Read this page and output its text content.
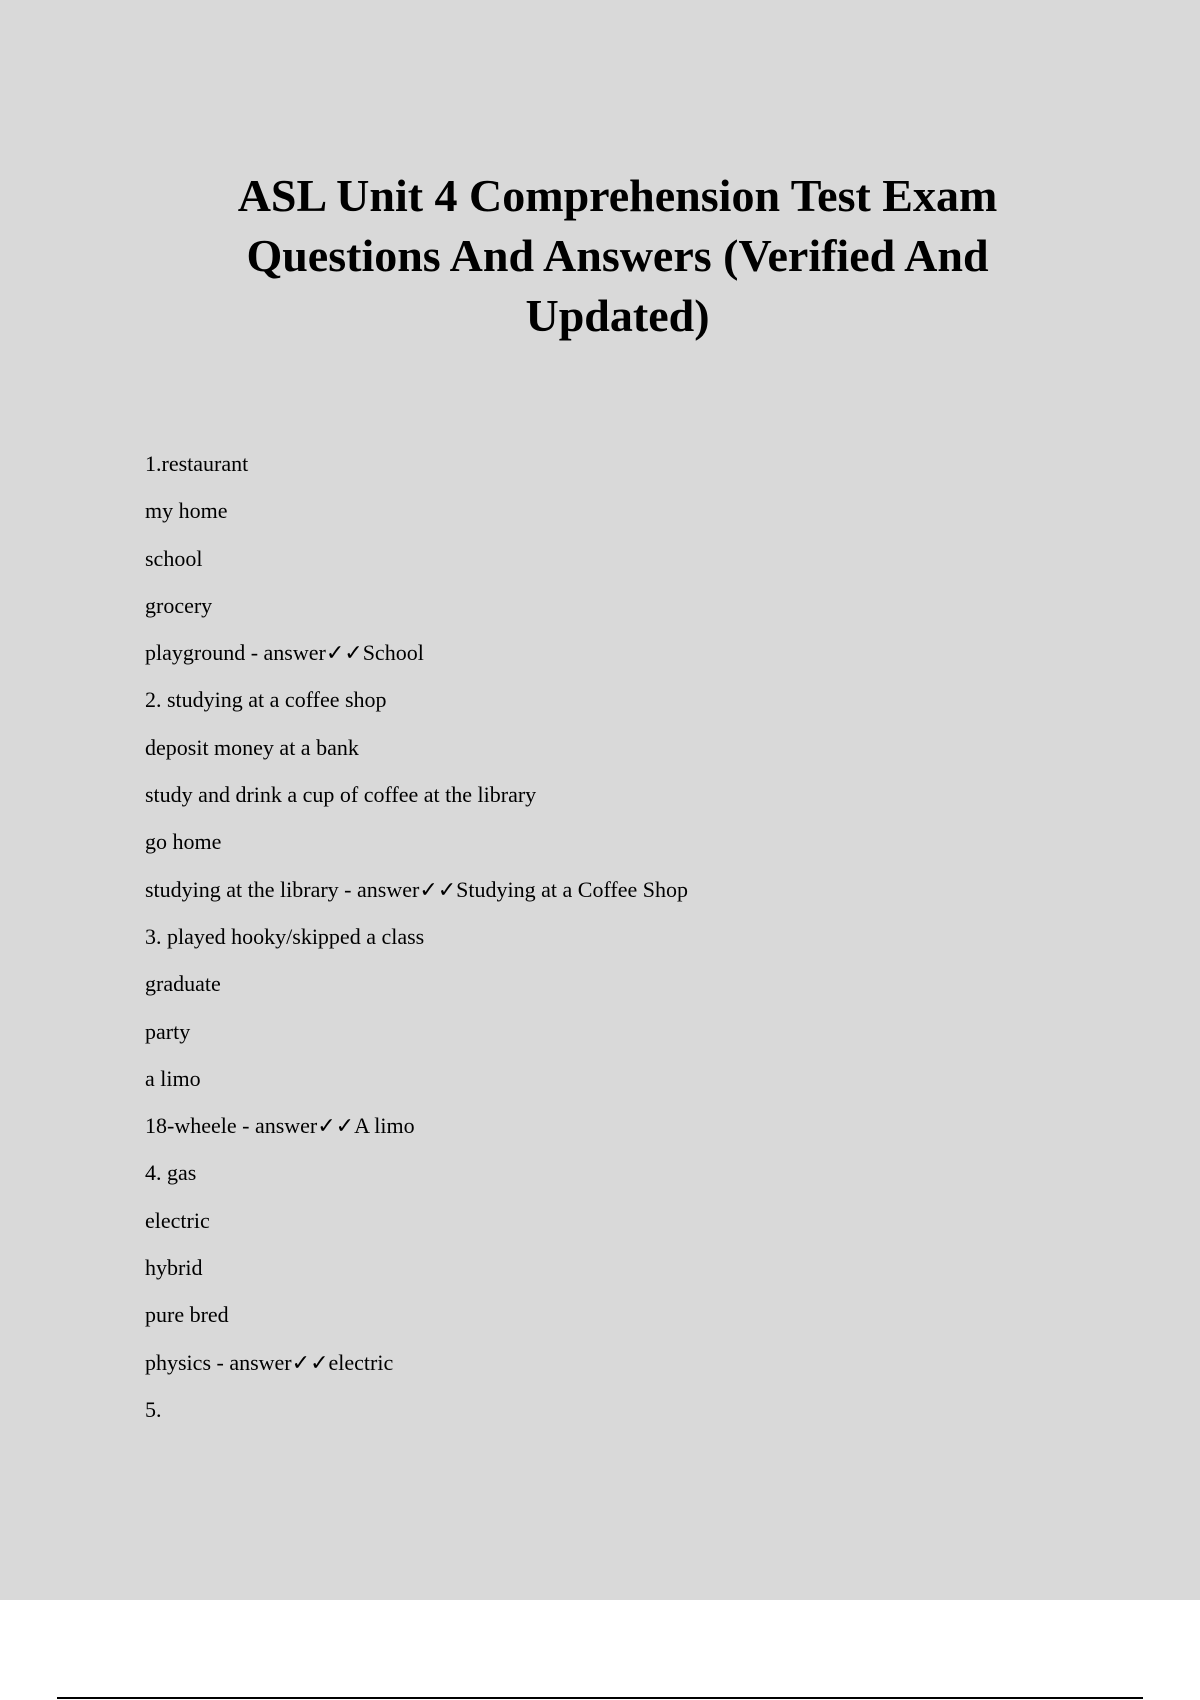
ASL Unit 4 Comprehension Test Exam Questions And Answers (Verified And Updated)
1.restaurant
my home
school
grocery
playground - answer✓✓School
2. studying at a coffee shop
deposit money at a bank
study and drink a cup of coffee at the library
go home
studying at the library - answer✓✓Studying at a Coffee Shop
3. played hooky/skipped a class
graduate
party
a limo
18-wheele - answer✓✓A limo
4. gas
electric
hybrid
pure bred
physics - answer✓✓electric
5.
